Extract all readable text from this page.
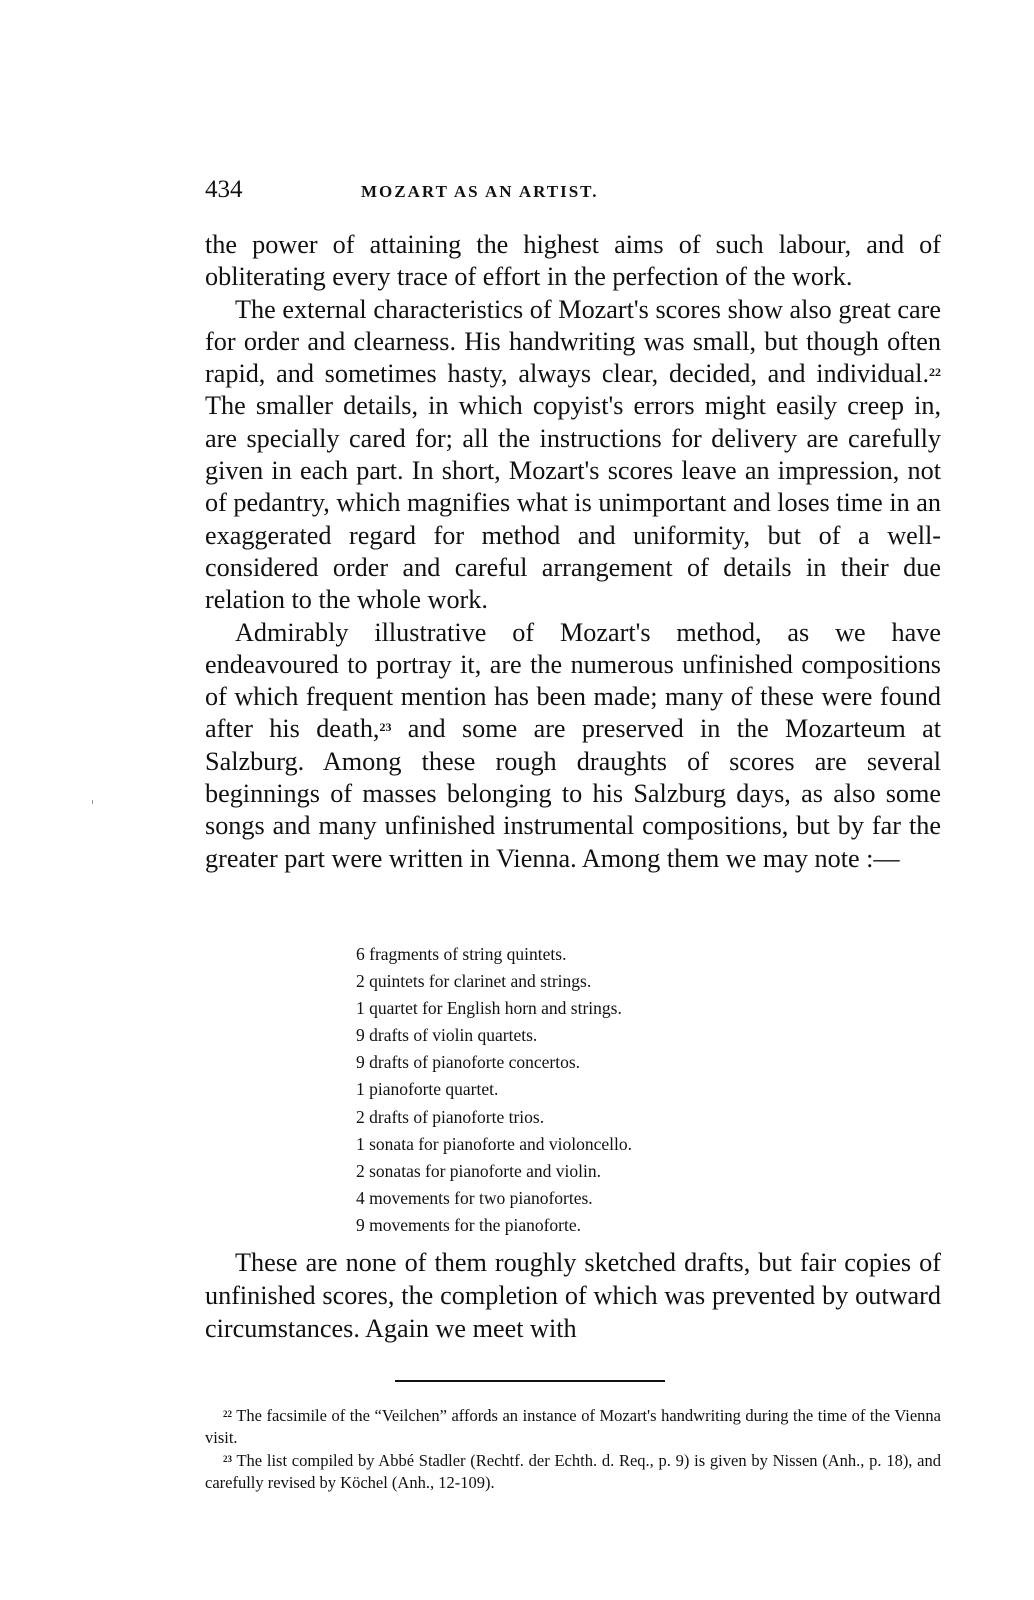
434	MOZART AS AN ARTIST.

the power of attaining the highest aims of such labour, and of obliterating every trace of effort in the perfection of the work.

The external characteristics of Mozart's scores show also great care for order and clearness. His handwriting was small, but though often rapid, and sometimes hasty, always clear, decided, and individual.$^{22}$ The smaller details, in which copyist's errors might easily creep in, are specially cared for; all the instructions for delivery are carefully given in each part. In short, Mozart's scores leave an impression, not of pedantry, which magnifies what is unimportant and loses time in an exaggerated regard for method and uniformity, but of a well-considered order and careful arrangement of details in their due relation to the whole work.

Admirably illustrative of Mozart's method, as we have endeavoured to portray it, are the numerous unfinished compositions of which frequent mention has been made; many of these were found after his death,$^{23}$ and some are preserved in the Mozarteum at Salzburg. Among these rough draughts of scores are several beginnings of masses belonging to his Salzburg days, as also some songs and many unfinished instrumental compositions, but by far the greater part were written in Vienna. Among them we may note :—

6 fragments of string quintets.
2 quintets for clarinet and strings.
1 quartet for English horn and strings.
9 drafts of violin quartets.
9 drafts of pianoforte concertos.
1 pianoforte quartet.
2 drafts of pianoforte trios.
1 sonata for pianoforte and violoncello.
2 sonatas for pianoforte and violin.
4 movements for two pianofortes.
9 movements for the pianoforte.

These are none of them roughly sketched drafts, but fair copies of unfinished scores, the completion of which was prevented by outward circumstances. Again we meet with

$^{22}$ The facsimile of the “Veilchen” affords an instance of Mozart's handwriting during the time of the Vienna visit.

$^{23}$ The list compiled by Abbé Stadler (Rechtf. der Echth. d. Req., p. 9) is given by Nissen (Anh., p. 18), and carefully revised by Köchel (Anh., 12-109).
